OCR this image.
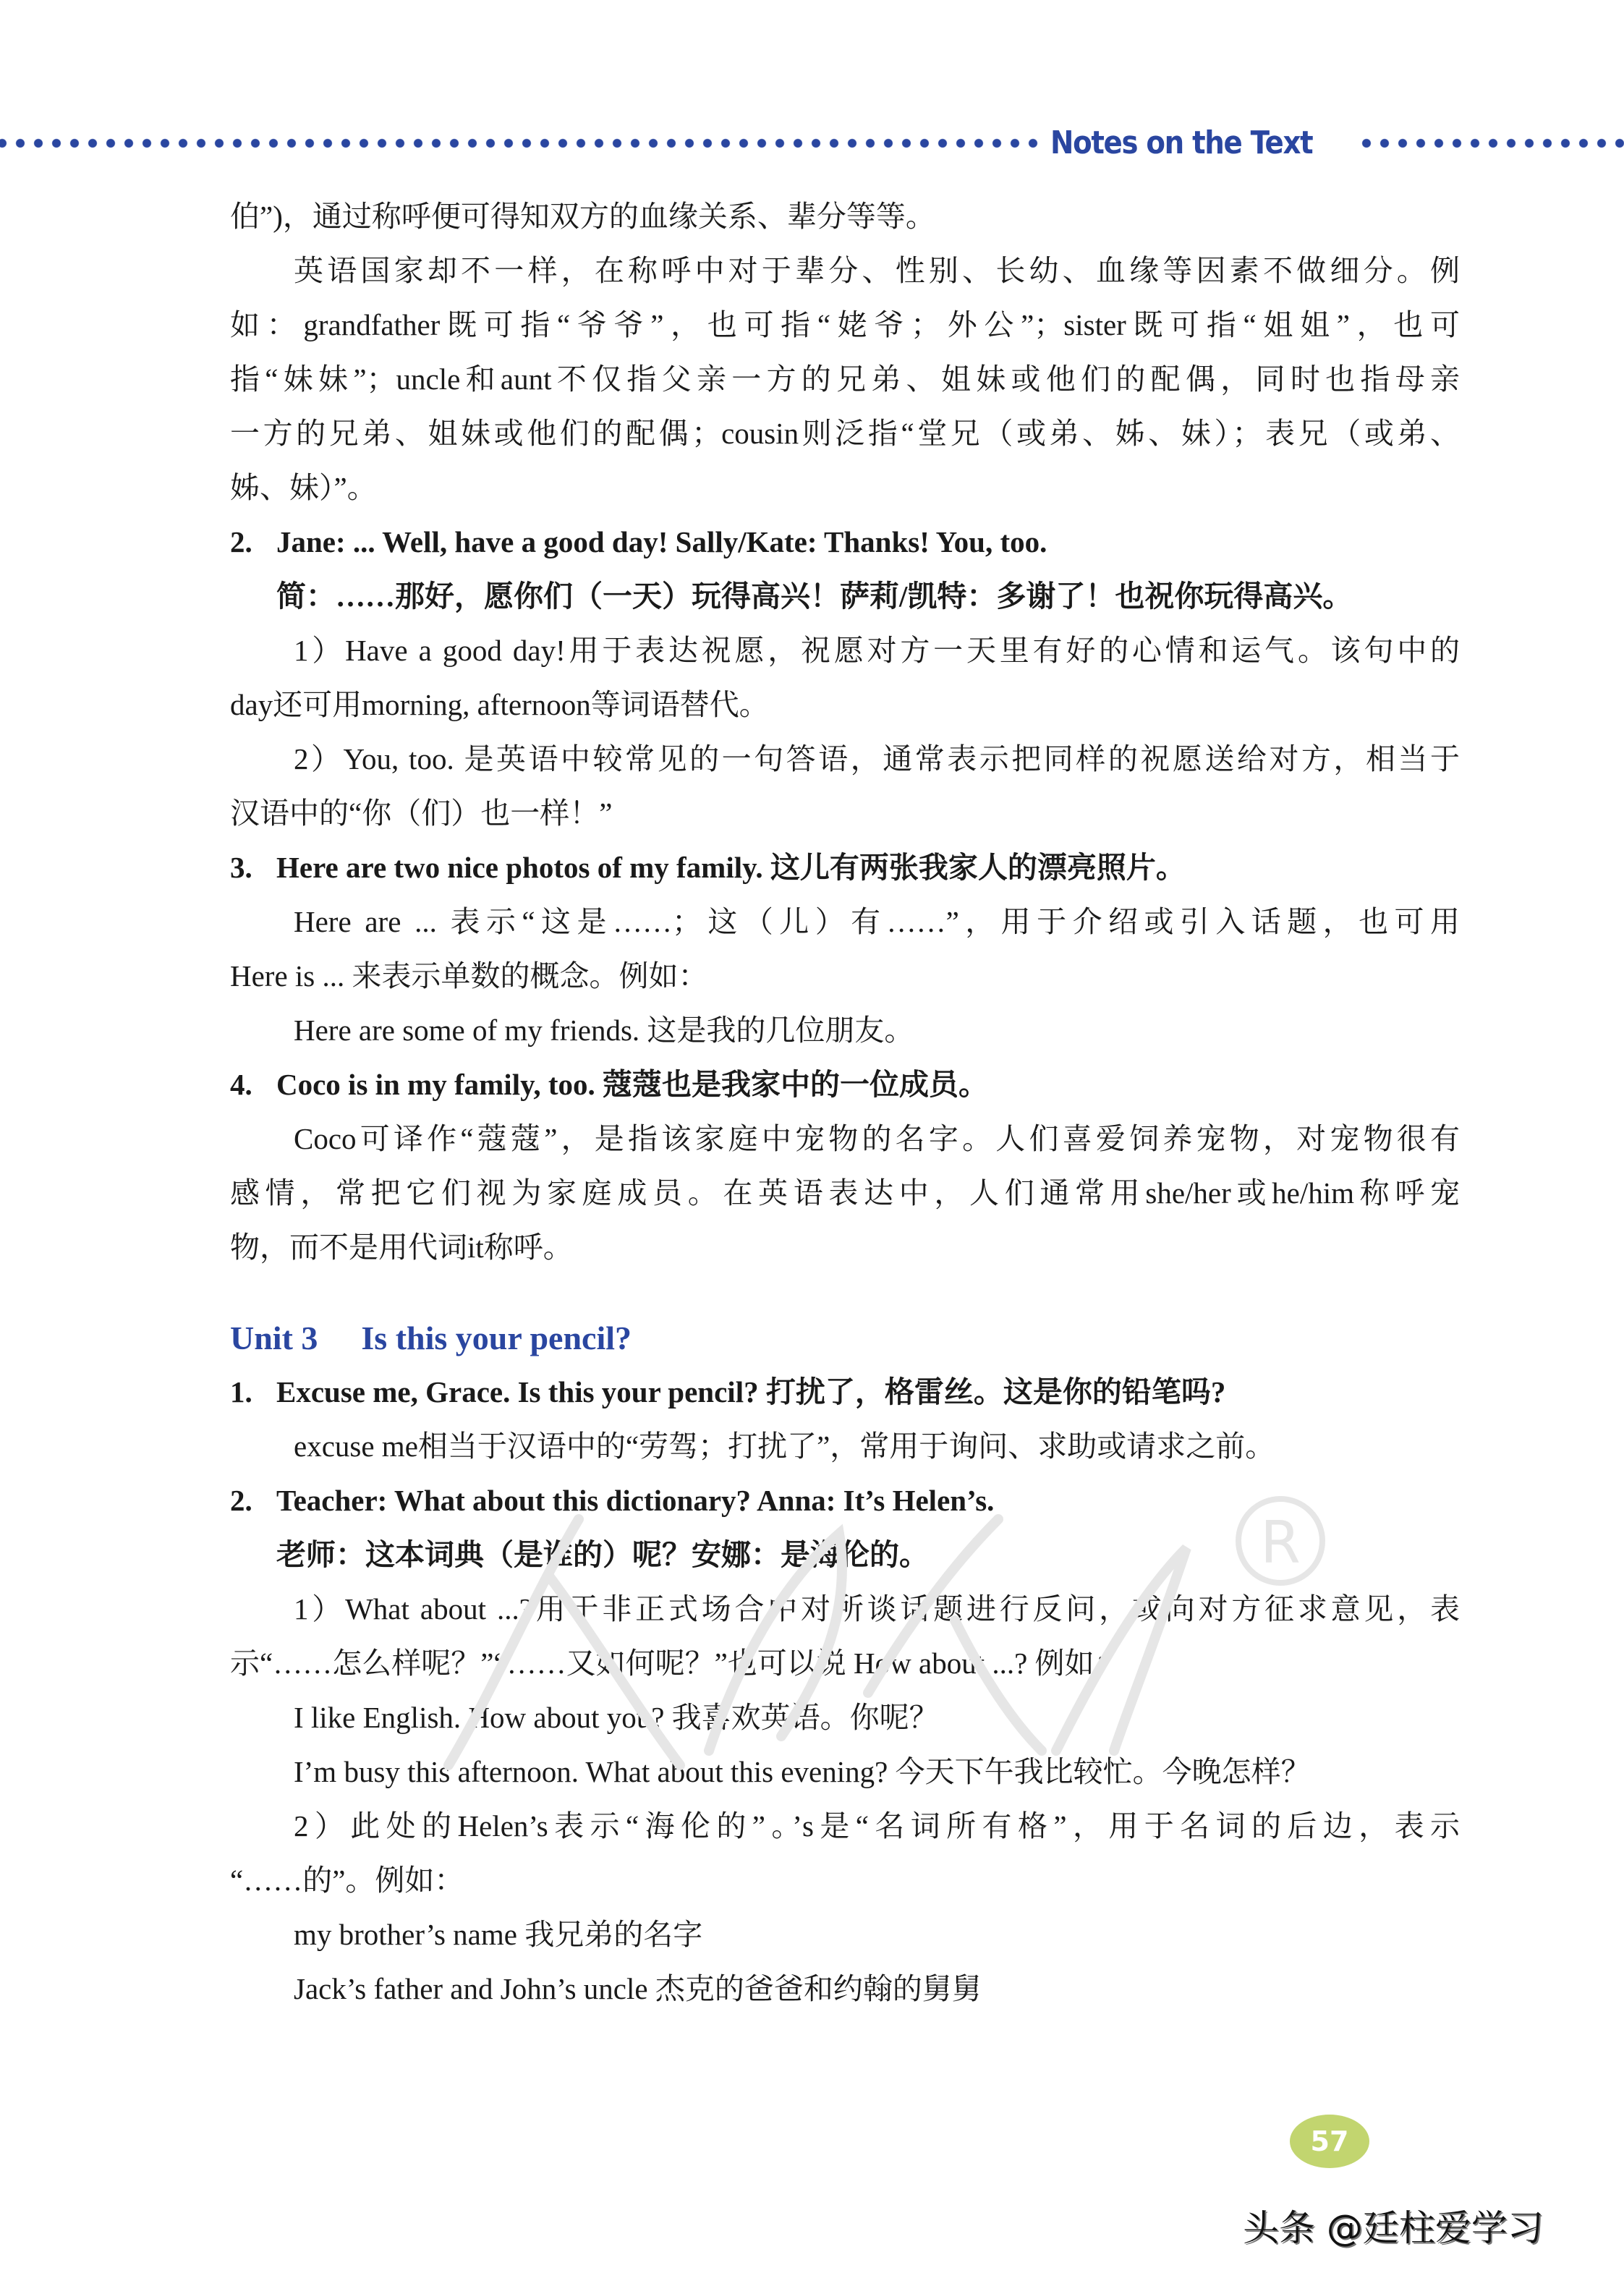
Notes on the Text
伯”)，通过称呼便可得知双方的血缘关系、辈分等等。
英语国家却不一样，在称呼中对于辈分、性别、长幼、血缘等因素不做细分。例
如：grandfather既可指“爷爷”，也可指“姥爷；外公”；sister既可指“姐姐”，也可
指“妹妹”；uncle和aunt不仅指父亲一方的兄弟、姐妹或他们的配偶，同时也指母亲
一方的兄弟、姐妹或他们的配偶；cousin则泛指“堂兄（或弟、姊、妹）；表兄（或弟、
姊、妹）”。
2. Jane: ... Well, have a good day! Sally/Kate: Thanks! You, too.
简：……那好，愿你们（一天）玩得高兴！萨莉/凯特：多谢了！也祝你玩得高兴。
1）Have a good day!用于表达祝愿，祝愿对方一天里有好的心情和运气。该句中的
day还可用morning, afternoon等词语替代。
2）You, too. 是英语中较常见的一句答语，通常表示把同样的祝愿送给对方，相当于
汉语中的“你（们）也一样！”
3. Here are two nice photos of my family. 这儿有两张我家人的漂亮照片。
Here are ... 表示“这是……；这（儿）有……”，用于介绍或引入话题，也可用
Here is ... 来表示单数的概念。例如：
Here are some of my friends. 这是我的几位朋友。
4. Coco is in my family, too. 蔻蔻也是我家中的一位成员。
Coco可译作“蔻蔻”，是指该家庭中宠物的名字。人们喜爱饲养宠物，对宠物很有
感情，常把它们视为家庭成员。在英语表达中，人们通常用she/her或he/him称呼宠
物，而不是用代词it称呼。
Unit 3 Is this your pencil?
1. Excuse me, Grace. Is this your pencil? 打扰了，格雷丝。这是你的铅笔吗?
excuse me相当于汉语中的“劳驾；打扰了”，常用于询问、求助或请求之前。
2. Teacher: What about this dictionary? Anna: It’s Helen’s.
老师：这本词典（是谁的）呢？安娜：是海伦的。
1）What about ...?用于非正式场合中对所谈话题进行反问，或向对方征求意见，表
示“……怎么样呢？”“……又如何呢？”也可以说 How about ...? 例如：
I like English. How about you? 我喜欢英语。你呢？
I’m busy this afternoon. What about this evening? 今天下午我比较忙。今晚怎样？
2）此处的Helen’s表示“海伦的”。’s是“名词所有格”，用于名词的后边，表示
“……的”。例如：
my brother’s name 我兄弟的名字
Jack’s father and John’s uncle 杰克的爸爸和约翰的舅舅
R
57
头条 @廷柱爱学习
